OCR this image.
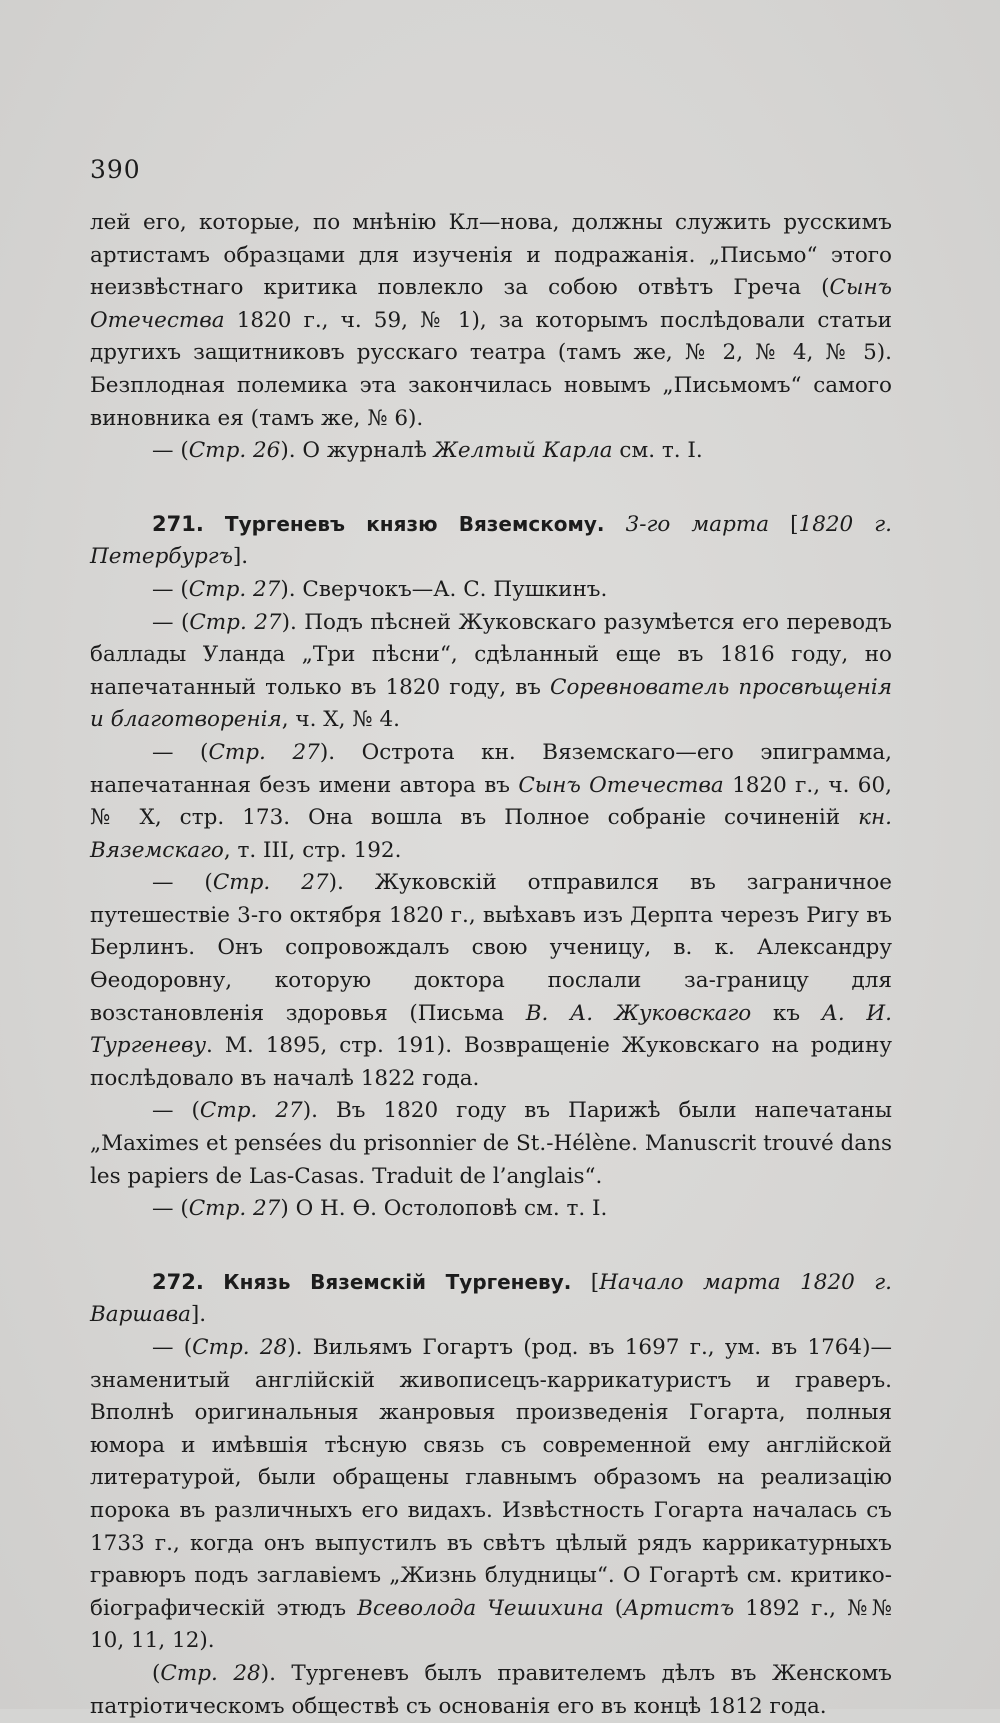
390

лей его, которые, по мнѣнію Кл—нова, должны служить русскимъ артистамъ образцами для изученія и подражанія. „Письмо“ этого неизвѣстнаго критика повлекло за собою отвѣтъ Греча (Сынъ Отечества 1820 г., ч. 59, № 1), за которымъ послѣдовали статьи другихъ защитниковъ русскаго театра (тамъ же, № 2, № 4, № 5). Безплодная полемика эта закончилась новымъ „Письмомъ“ самого виновника ея (тамъ же, № 6).

— (Стр. 26). О журналѣ Желтый Карла см. т. I.

271. Тургеневъ князю Вяземскому. 3-го марта [1820 г. Петербургъ].

— (Стр. 27). Сверчокъ—А. С. Пушкинъ.

— (Стр. 27). Подъ пѣсней Жуковскаго разумѣется его переводъ баллады Уланда „Три пѣсни“, сдѣланный еще въ 1816 году, но напечатанный только въ 1820 году, въ Соревнователь просвѣщенія и благотворенія, ч. X, № 4.

— (Стр. 27). Острота кн. Вяземскаго—его эпиграмма, напечатанная безъ имени автора въ Сынъ Отечества 1820 г., ч. 60, № X, стр. 173. Она вошла въ Полное собраніе сочиненій кн. Вяземскаго, т. III, стр. 192.

— (Стр. 27). Жуковскій отправился въ заграничное путешествіе 3-го октября 1820 г., выѣхавъ изъ Дерпта черезъ Ригу въ Берлинъ. Онъ сопровождалъ свою ученицу, в. к. Александру Ѳеодоровну, которую доктора послали за-границу для возстановленія здоровья (Письма В. А. Жуковскаго къ А. И. Тургеневу. М. 1895, стр. 191). Возвращеніе Жуковскаго на родину послѣдовало въ началѣ 1822 года.

— (Стр. 27). Въ 1820 году въ Парижѣ были напечатаны „Maximes et pensées du prisonnier de St.-Hélène. Manuscrit trouvé dans les papiers de Las-Casas. Traduit de l’anglais“.

— (Стр. 27) О Н. Ѳ. Остолоповѣ см. т. I.

272. Князь Вяземскій Тургеневу. [Начало марта 1820 г. Варшава].

— (Стр. 28). Вильямъ Гогартъ (род. въ 1697 г., ум. въ 1764)—знаменитый англійскій живописецъ-каррикатуристъ и граверъ. Вполнѣ оригинальныя жанровыя произведенія Гогарта, полныя юмора и имѣвшія тѣсную связь съ современной ему англійской литературой, были обращены главнымъ образомъ на реализацію порока въ различныхъ его видахъ. Извѣстность Гогарта началась съ 1733 г., когда онъ выпустилъ въ свѣтъ цѣлый рядъ каррикатурныхъ гравюръ подъ заглавіемъ „Жизнь блудницы“. О Гогартѣ см. критико-біографическій этюдъ Всеволода Чешихина (Артистъ 1892 г., №№ 10, 11, 12).

(Стр. 28). Тургеневъ былъ правителемъ дѣлъ въ Женскомъ патріотическомъ обществѣ съ основанія его въ концѣ 1812 года.
